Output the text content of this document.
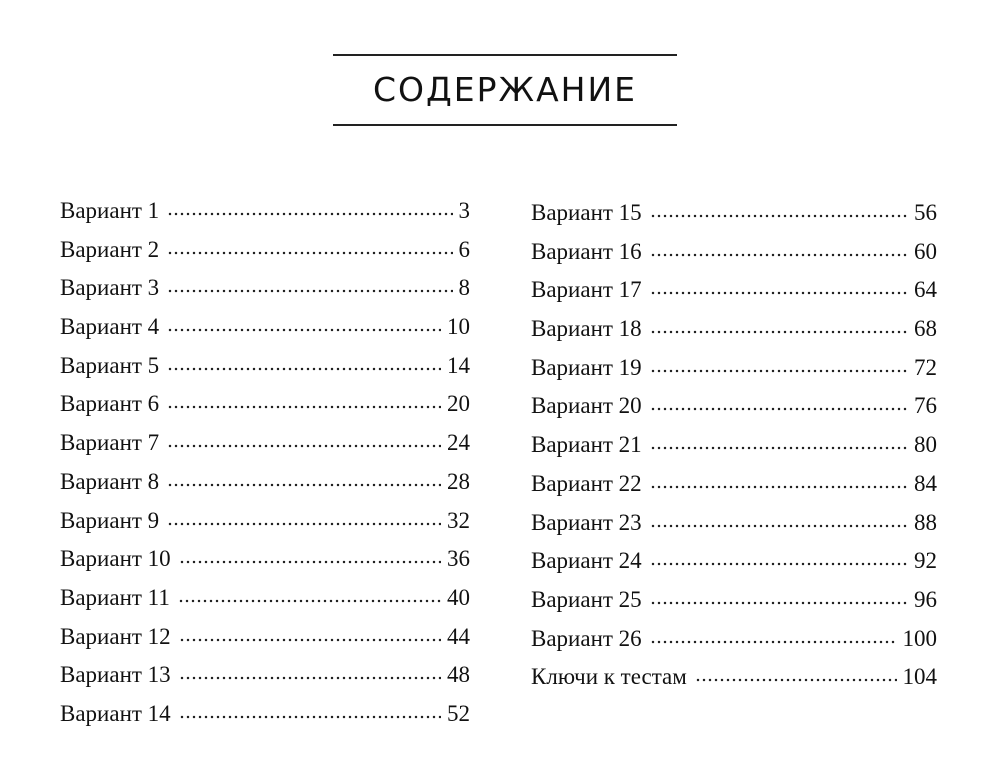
СОДЕРЖАНИЕ
Вариант 1	3
Вариант 2	6
Вариант 3	8
Вариант 4	10
Вариант 5	14
Вариант 6	20
Вариант 7	24
Вариант 8	28
Вариант 9	32
Вариант 10	36
Вариант 11	40
Вариант 12	44
Вариант 13	48
Вариант 14	52
Вариант 15	56
Вариант 16	60
Вариант 17	64
Вариант 18	68
Вариант 19	72
Вариант 20	76
Вариант 21	80
Вариант 22	84
Вариант 23	88
Вариант 24	92
Вариант 25	96
Вариант 26	100
Ключи к тестам	104
